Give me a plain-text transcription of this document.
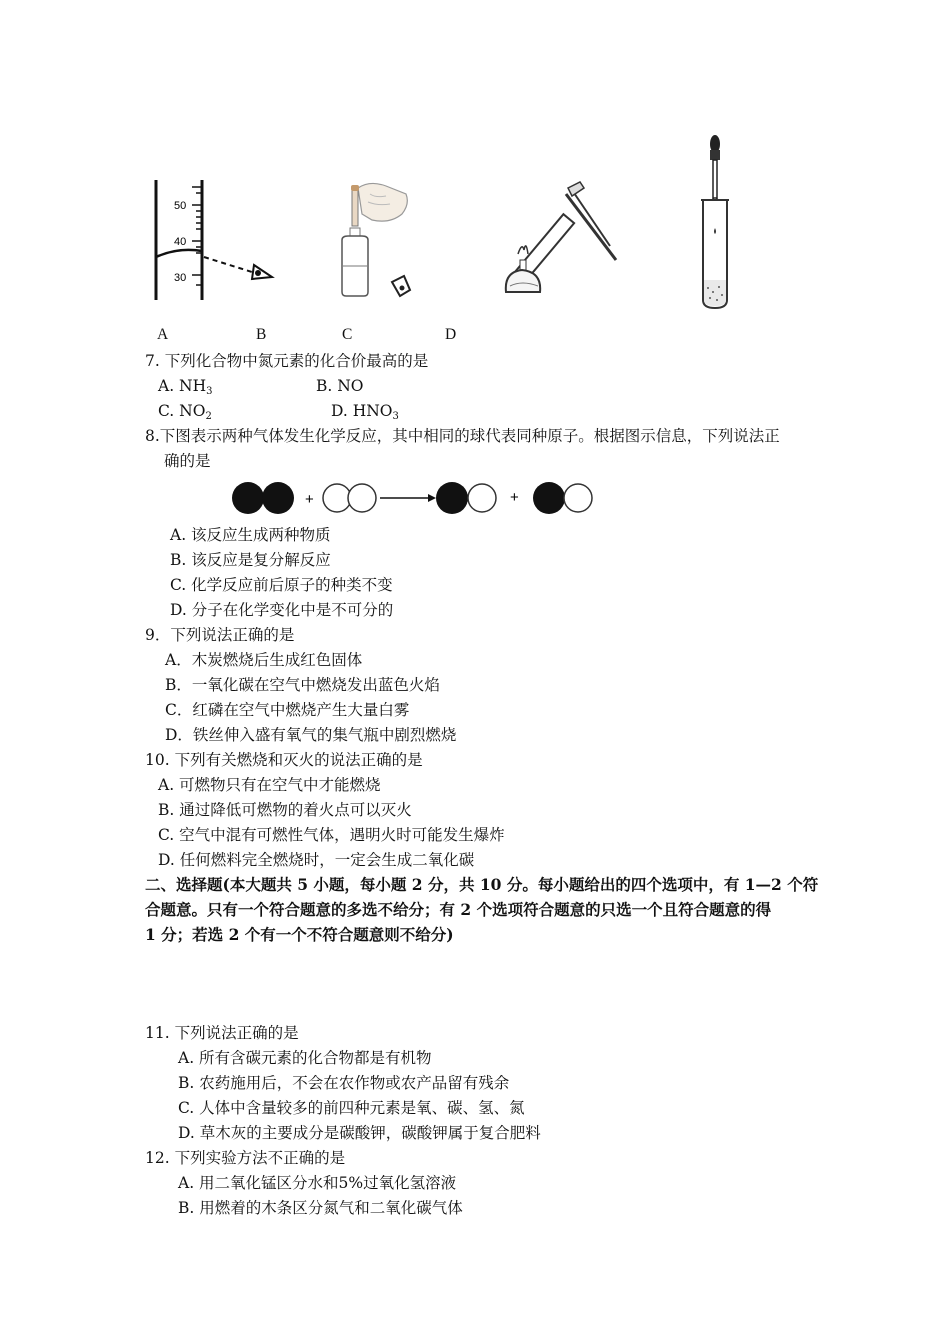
50
40
30
A	B	C	D
7. 下列化合物中氮元素的化合价最高的是
A. $NH_3$	B. NO
C. $NO_2$	D. $HNO_3$
8.下图表示两种气体发生化学反应，其中相同的球代表同种原子。根据图示信息，下列说法正
确的是
+	+
A. 该反应生成两种物质
B. 该反应是复分解反应
C. 化学反应前后原子的种类不变
D. 分子在化学变化中是不可分的
9．下列说法正确的是
A．木炭燃烧后生成红色固体
B．一氧化碳在空气中燃烧发出蓝色火焰
C．红磷在空气中燃烧产生大量白雾
D．铁丝伸入盛有氧气的集气瓶中剧烈燃烧
10. 下列有关燃烧和灭火的说法正确的是
A. 可燃物只有在空气中才能燃烧
B. 通过降低可燃物的着火点可以灭火
C. 空气中混有可燃性气体，遇明火时可能发生爆炸
D. 任何燃料完全燃烧时，一定会生成二氧化碳
二、选择题(本大题共 5 小题，每小题 2 分，共 10 分。每小题给出的四个选项中，有 1—2 个符
合题意。只有一个符合题意的多选不给分；有 2 个选项符合题意的只选一个且符合题意的得
1 分；若选 2 个有一个不符合题意则不给分)
11. 下列说法正确的是
A. 所有含碳元素的化合物都是有机物
B. 农药施用后，不会在农作物或农产品留有残余
C. 人体中含量较多的前四种元素是氧、碳、氢、氮
D. 草木灰的主要成分是碳酸钾，碳酸钾属于复合肥料
12. 下列实验方法不正确的是
A. 用二氧化锰区分水和5%过氧化氢溶液
B. 用燃着的木条区分氮气和二氧化碳气体
